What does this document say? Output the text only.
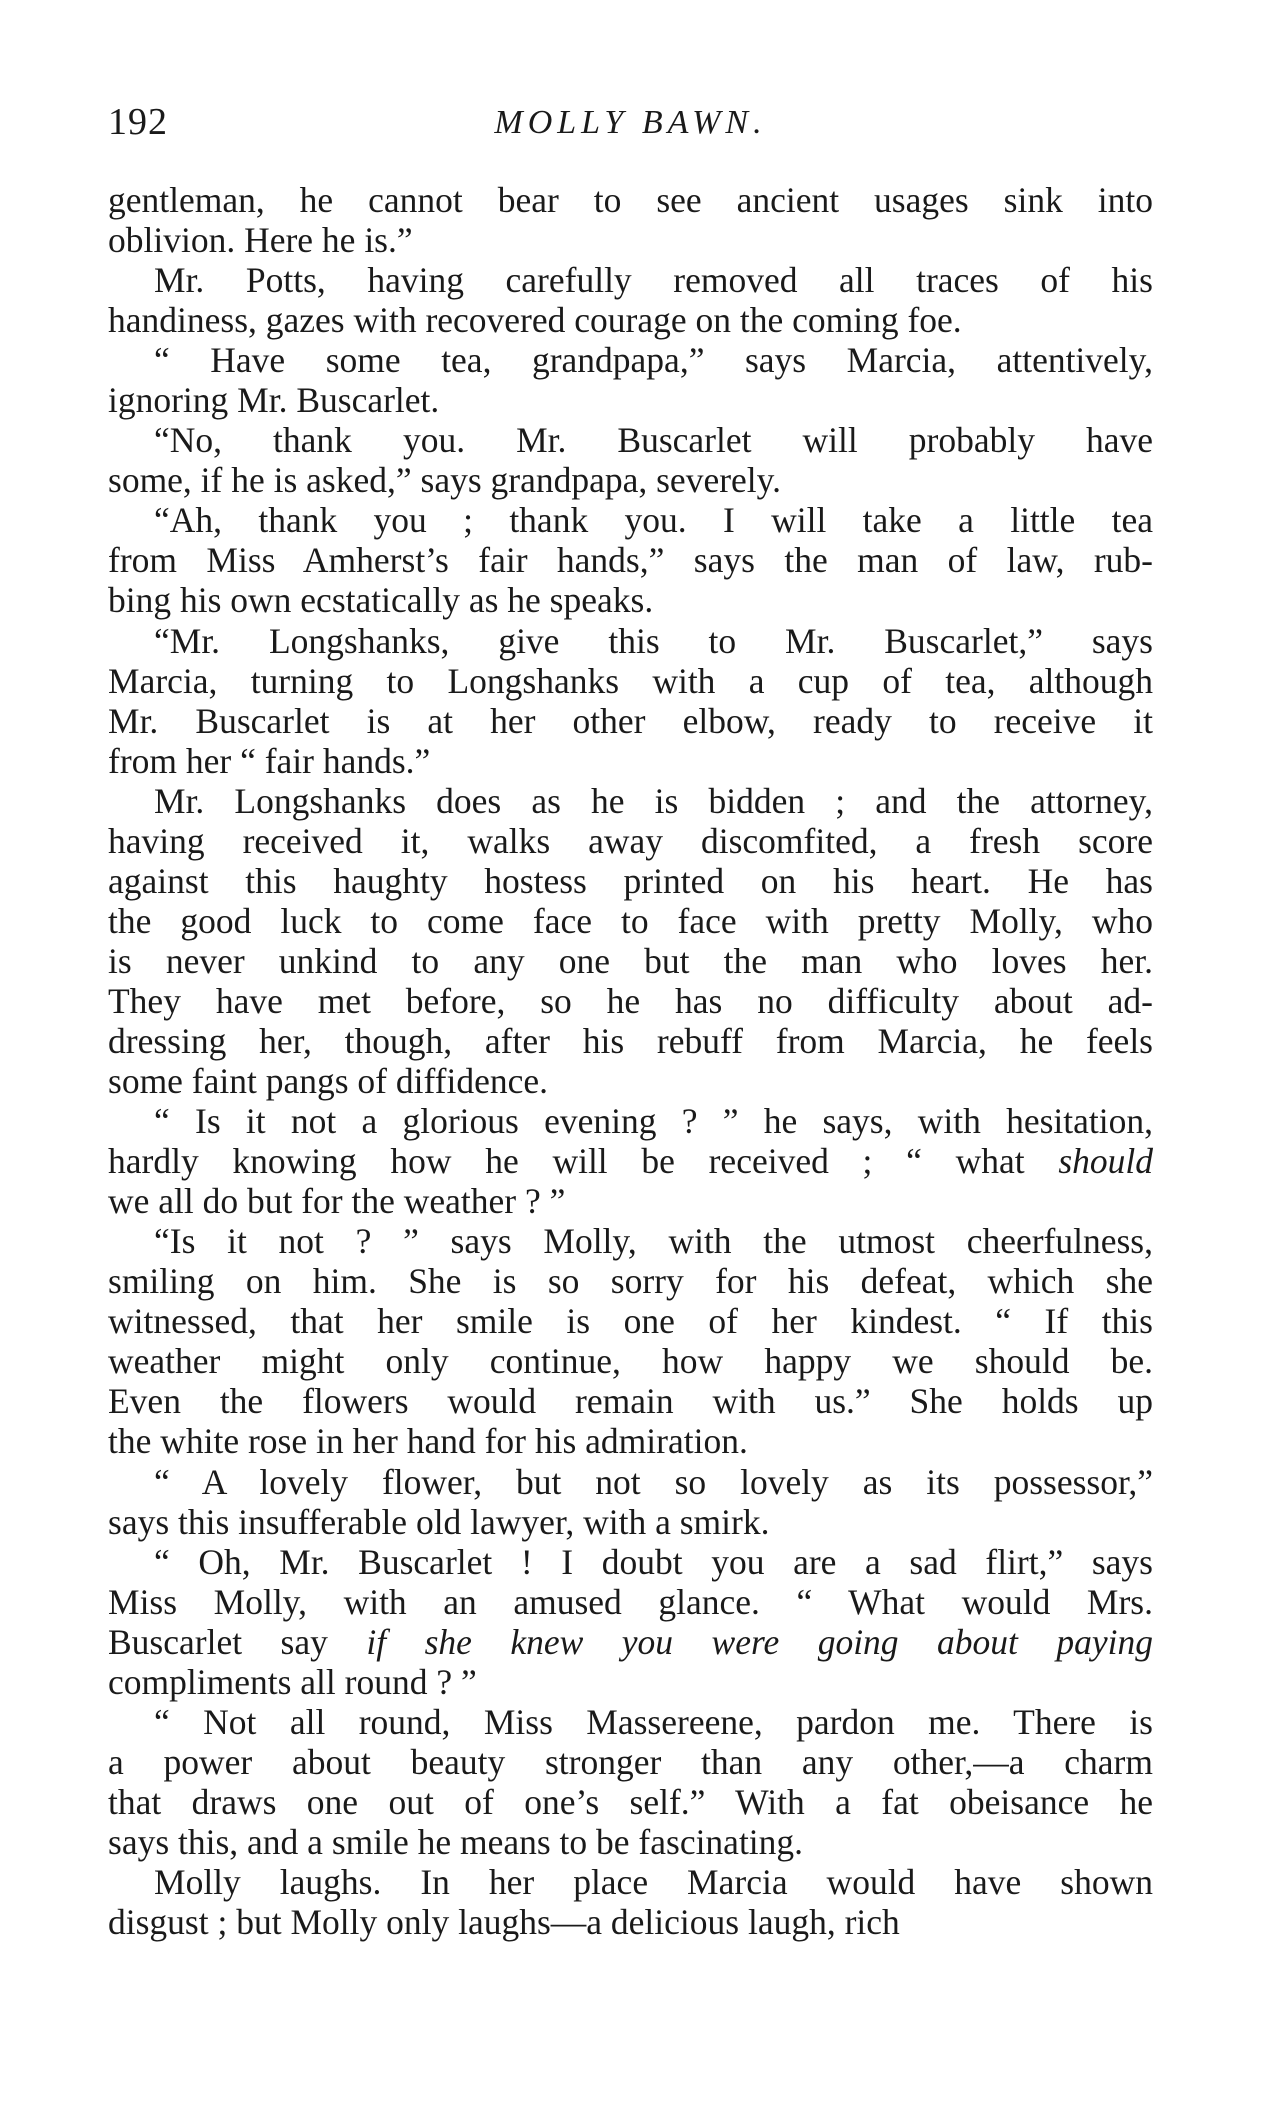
192	MOLLY BAWN.

gentleman, he cannot bear to see ancient usages sink into
oblivion. Here he is.”

Mr. Potts, having carefully removed all traces of his
handiness, gazes with recovered courage on the coming foe.

“ Have some tea, grandpapa,” says Marcia, attentively,
ignoring Mr. Buscarlet.

“No, thank you. Mr. Buscarlet will probably have
some, if he is asked,” says grandpapa, severely.

“Ah, thank you ; thank you. I will take a little tea
from Miss Amherst’s fair hands,” says the man of law, rub-
bing his own ecstatically as he speaks.

“Mr. Longshanks, give this to Mr. Buscarlet,” says
Marcia, turning to Longshanks with a cup of tea, although
Mr. Buscarlet is at her other elbow, ready to receive it
from her “ fair hands.”

Mr. Longshanks does as he is bidden ; and the attorney,
having received it, walks away discomfited, a fresh score
against this haughty hostess printed on his heart. He has
the good luck to come face to face with pretty Molly, who
is never unkind to any one but the man who loves her.
They have met before, so he has no difficulty about ad-
dressing her, though, after his rebuff from Marcia, he feels
some faint pangs of diffidence.

“ Is it not a glorious evening ? ” he says, with hesitation,
hardly knowing how he will be received ; “ what should
we all do but for the weather ? ”

“Is it not ? ” says Molly, with the utmost cheerfulness,
smiling on him. She is so sorry for his defeat, which she
witnessed, that her smile is one of her kindest. “ If this
weather might only continue, how happy we should be.
Even the flowers would remain with us.” She holds up
the white rose in her hand for his admiration.

“ A lovely flower, but not so lovely as its possessor,”
says this insufferable old lawyer, with a smirk.

“ Oh, Mr. Buscarlet ! I doubt you are a sad flirt,” says
Miss Molly, with an amused glance. “ What would Mrs.
Buscarlet say if she knew you were going about paying
compliments all round ? ”

“ Not all round, Miss Massereene, pardon me. There is
a power about beauty stronger than any other,—a charm
that draws one out of one’s self.” With a fat obeisance he
says this, and a smile he means to be fascinating.

Molly laughs. In her place Marcia would have shown
disgust ; but Molly only laughs—a delicious laugh, rich
